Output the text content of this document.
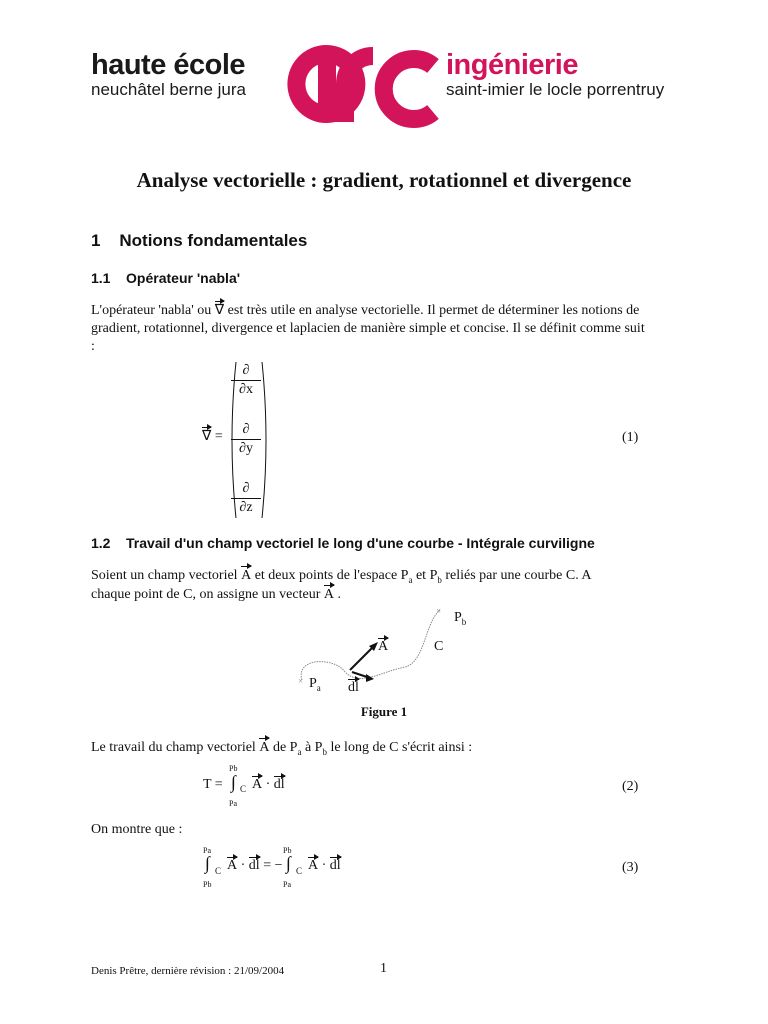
haute école
neuchâtel berne jura
ingénierie
saint-imier le locle porrentruy
Analyse vectorielle : gradient, rotationnel et divergence
1 Notions fondamentales
1.1 Opérateur 'nabla'
L'opérateur 'nabla' ou ∇ est très utile en analyse vectorielle. Il permet de déterminer les notions de gradient, rotationnel, divergence et laplacien de manière simple et concise. Il se définit comme suit :
∇ =
∂
∂x
∂
∂y
∂
∂z
(1)
1.2 Travail d'un champ vectoriel le long d'une courbe - Intégrale curviligne
Soient un champ vectoriel A et deux points de l'espace $P_a$ et $P_b$ reliés par une courbe C. A
chaque point de C, on assigne un vecteur A .
×
× $P_b$
A	C
$P_a$ dl
Figure 1
Le travail du champ vectoriel A de $P_a$ à $P_b$ le long de C s'écrit ainsi :
T =
Pb
∫
Pa
C A · dl	(2)
On montre que :
Pa
∫
Pb
C A · dl = −
Pb
∫
Pa
C A · dl	(3)
Denis Prêtre, dernière révision : 21/09/2004	1
